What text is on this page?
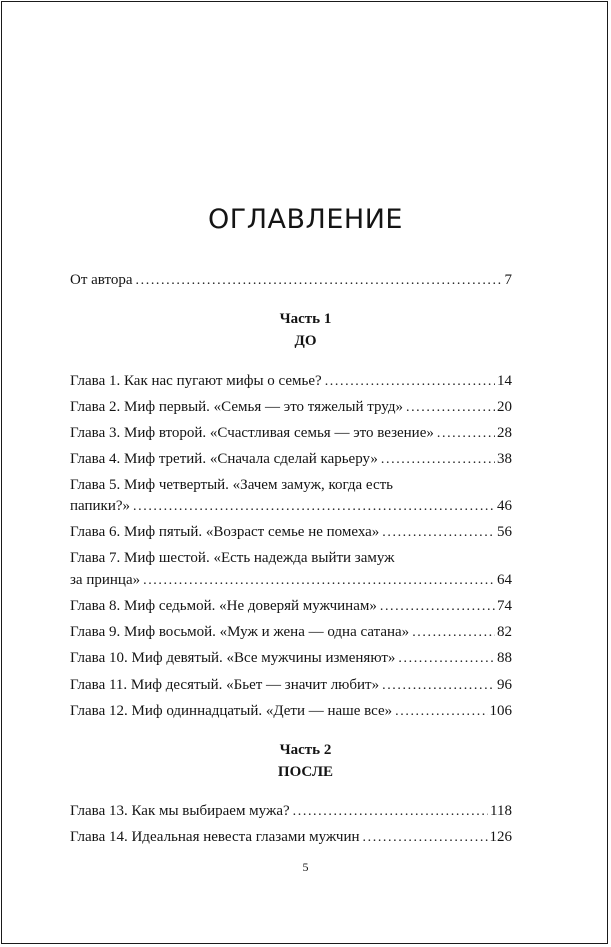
ОГЛАВЛЕНИЕ
От автора .....	7
Часть 1
ДО
Глава 1. Как нас пугают мифы о семье? .....	14
Глава 2. Миф первый. «Семья — это тяжелый труд» .....	20
Глава 3. Миф второй. «Счастливая семья — это везение» .....	28
Глава 4. Миф третий. «Сначала сделай карьеру» .....	38
Глава 5. Миф четвертый. «Зачем замуж, когда есть
папики?» .....	46
Глава 6. Миф пятый. «Возраст семье не помеха» .....	56
Глава 7. Миф шестой. «Есть надежда выйти замуж
за принца» .....	64
Глава 8. Миф седьмой. «Не доверяй мужчинам» .....	74
Глава 9. Миф восьмой. «Муж и жена — одна сатана» .....	82
Глава 10. Миф девятый. «Все мужчины изменяют» .....	88
Глава 11. Миф десятый. «Бьет — значит любит» .....	96
Глава 12. Миф одиннадцатый. «Дети — наше все» .....	106
Часть 2
ПОСЛЕ
Глава 13. Как мы выбираем мужа? .....	118
Глава 14. Идеальная невеста глазами мужчин .....	126
5
